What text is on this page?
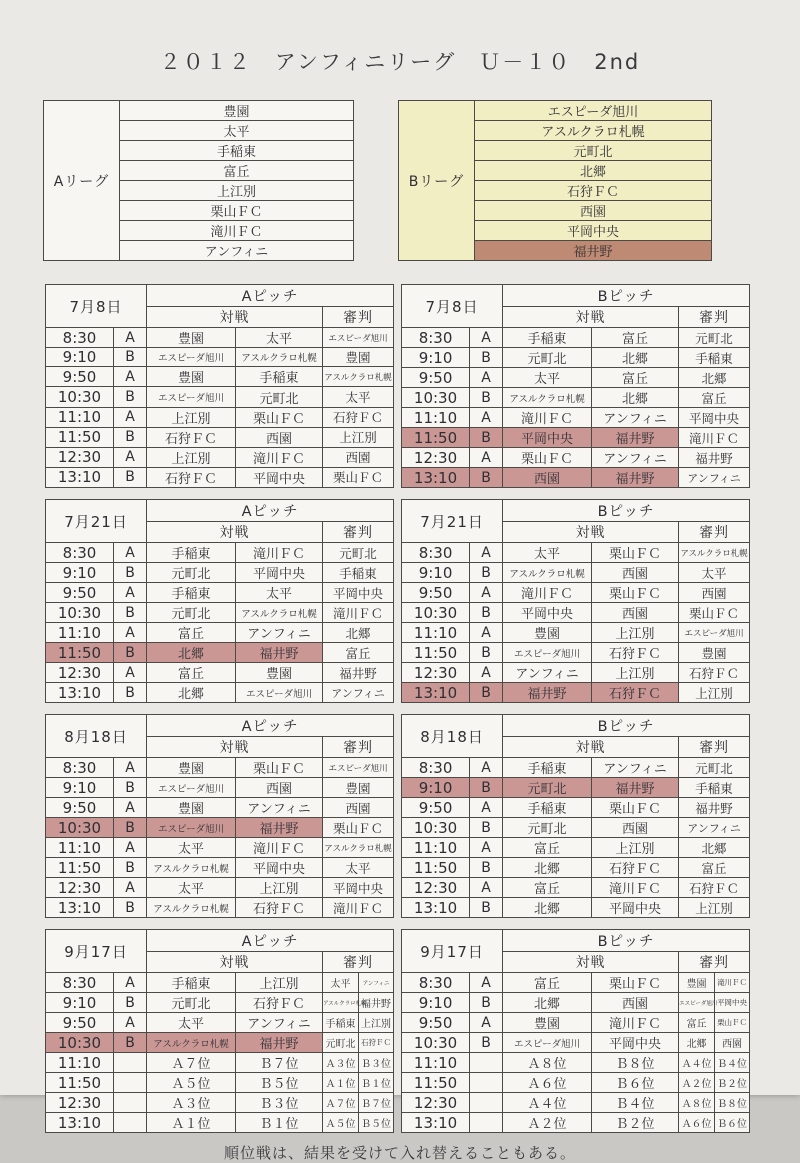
２０１２　アンフィニリーグ　Ｕ－１０　2nd
Aリーグ	豊園
太平
手稲東
富丘
上江別
栗山ＦＣ
滝川ＦＣ
アンフィニ
Bリーグ	エスピーダ旭川
アスルクラロ札幌
元町北
北郷
石狩ＦＣ
西園
平岡中央
福井野
7月8日		Aピッチ		
		対戦		審判
8:30	A	豊園	太平	エスピーダ旭川
9:10	B	エスピーダ旭川	アスルクラロ札幌	豊園
9:50	A	豊園	手稲東	アスルクラロ札幌
10:30	B	エスピーダ旭川	元町北	太平
11:10	A	上江別	栗山ＦＣ	石狩ＦＣ
11:50	B	石狩ＦＣ	西園	上江別
12:30	A	上江別	滝川ＦＣ	西園
13:10	B	石狩ＦＣ	平岡中央	栗山ＦＣ
7月8日		Bピッチ		
		対戦		審判
8:30	A	手稲東	富丘	元町北
9:10	B	元町北	北郷	手稲東
9:50	A	太平	富丘	北郷
10:30	B	アスルクラロ札幌	北郷	富丘
11:10	A	滝川ＦＣ	アンフィニ	平岡中央
11:50	B	平岡中央	福井野	滝川ＦＣ
12:30	A	栗山ＦＣ	アンフィニ	福井野
13:10	B	西園	福井野	アンフィニ
7月21日		Aピッチ		
		対戦		審判
8:30	A	手稲東	滝川ＦＣ	元町北
9:10	B	元町北	平岡中央	手稲東
9:50	A	手稲東	太平	平岡中央
10:30	B	元町北	アスルクラロ札幌	滝川ＦＣ
11:10	A	富丘	アンフィニ	北郷
11:50	B	北郷	福井野	富丘
12:30	A	富丘	豊園	福井野
13:10	B	北郷	エスピーダ旭川	アンフィニ
7月21日		Bピッチ		
		対戦		審判
8:30	A	太平	栗山ＦＣ	アスルクラロ札幌
9:10	B	アスルクラロ札幌	西園	太平
9:50	A	滝川ＦＣ	栗山ＦＣ	西園
10:30	B	平岡中央	西園	栗山ＦＣ
11:10	A	豊園	上江別	エスピーダ旭川
11:50	B	エスピーダ旭川	石狩ＦＣ	豊園
12:30	A	アンフィニ	上江別	石狩ＦＣ
13:10	B	福井野	石狩ＦＣ	上江別
8月18日		Aピッチ		
		対戦		審判
8:30	A	豊園	栗山ＦＣ	エスピーダ旭川
9:10	B	エスピーダ旭川	西園	豊園
9:50	A	豊園	アンフィニ	西園
10:30	B	エスピーダ旭川	福井野	栗山ＦＣ
11:10	A	太平	滝川ＦＣ	アスルクラロ札幌
11:50	B	アスルクラロ札幌	平岡中央	太平
12:30	A	太平	上江別	平岡中央
13:10	B	アスルクラロ札幌	石狩ＦＣ	滝川ＦＣ
8月18日		Bピッチ		
		対戦		審判
8:30	A	手稲東	アンフィニ	元町北
9:10	B	元町北	福井野	手稲東
9:50	A	手稲東	栗山ＦＣ	福井野
10:30	B	元町北	西園	アンフィニ
11:10	A	富丘	上江別	北郷
11:50	B	北郷	石狩ＦＣ	富丘
12:30	A	富丘	滝川ＦＣ	石狩ＦＣ
13:10	B	北郷	平岡中央	上江別
9月17日		Aピッチ			
		対戦		審判	
8:30	A	手稲東	上江別	太平	アンフィニ
9:10	B	元町北	石狩ＦＣ	アスルクラロ札幌	福井野
9:50	A	太平	アンフィニ	手稲東	上江別
10:30	B	アスルクラロ札幌	福井野	元町北	石狩ＦＣ
11:10		Ａ７位	Ｂ７位	Ａ３位	Ｂ３位
11:50		Ａ５位	Ｂ５位	Ａ１位	Ｂ１位
12:30		Ａ３位	Ｂ３位	Ａ７位	Ｂ７位
13:10		Ａ１位	Ｂ１位	Ａ５位	Ｂ５位
9月17日		Bピッチ			
		対戦		審判	
8:30	A	富丘	栗山ＦＣ	豊園	滝川ＦＣ
9:10	B	北郷	西園	エスピーダ旭川	平岡中央
9:50	A	豊園	滝川ＦＣ	富丘	栗山ＦＣ
10:30	B	エスピーダ旭川	平岡中央	北郷	西園
11:10		Ａ８位	Ｂ８位	Ａ４位	Ｂ４位
11:50		Ａ６位	Ｂ６位	Ａ２位	Ｂ２位
12:30		Ａ４位	Ｂ４位	Ａ８位	Ｂ８位
13:10		Ａ２位	Ｂ２位	Ａ６位	Ｂ６位
順位戦は、結果を受けて入れ替えることもある。
